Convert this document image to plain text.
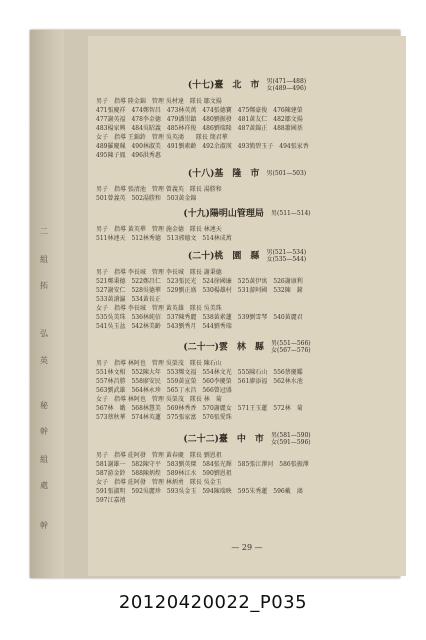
二
組
拓
弘
英
秘
幹
組
處
幹
(十七)臺　北　市 男(471—488)
女(489—496)
男子　指導 陸金錦　管理 吳材達　隊長 鄒文揚
471張慶祥　474鄭智昌　473林英萬　474張德寶　475鄭豪俊　476陳建榮
477謝英福　478李金德　479潘崇鎮　480劉振發　481黃友仁　482鄒文揚
483楊家興　484吳昭義　485林祥俊　486劉瑞隆　487黃錦正　488蕭國基
女子　指導 王錦鈴　管理 吳英鴻　　隊長 簡君華
489羅慶珮　490林淑美　491劉素齡　492余淑瑛　493簡碧玉子　494張家香
495陳子鳳　496洪秀惠
(十八)基　隆　市 男(501—503)
男子　指導 張清池　管理 曾義英　隊長 湯勝和
501曾義英　502湯勝和　503黃金錦
(十九)陽明山管理局 男(511—514)
男子　指導 黃英華　管理 施金德　隊長 林連天
511林連天　512林秀德　513郭德文　514林成萬
(二十)桃　園　縣 男(521—534)
女(535—544)
男子　指導 李長城　管理 李長城　隊長 謝秉德
521鄭秉德　522鄭昌仁　523張民光　524徐國廉　525黃伊寓　526謝康利
527謝安仁　528吳德華　529劉正盛　530楊雄村　531游阿國　532陳　鐘
533黃滄瀛　534黃長正
女子　指導 李長城　管理 黃英雄　隊長 吳美珠
535吳美珠　536林純信　537陳秀麗　538黃素蓮　539劉雪琴　540黃麗君
541吳玉盆　542林美齡　543劉秀月　544劉秀瑞
(二十一)雲　林　縣 男(551—566)
女(567—576)
男子　指導 林阿也　管理 吳榮茂　隊長 陳石山
551林文相　552陳大年　553鄭文福　554林文光　555陳石山　556蔡慶鑑
557林昌勝　558廖安民　559黃宣榮　560李慶榮　561廖添福　562林水池
563劉武雄　564林永珍　565丁永昌　566曾冠盛
女子　指導 林阿也　管理 吳榮茂　隊長 林　菊
567林　娥　568林慧美　569林秀香　570謝麗女　571王玉蓮　572林　菊
573蔡秋華　574林英蓮　575張家富　576張愛珠
(二十二)臺　中　市 男(581—590)
女(591—596)
男子　指導 莊阿發　管理 黃春慶　隊長 劉恩祖
581謝雄一　582陳守平　583劉英傑　584張光輝　585張江澤河　586張振澤
587游金鈴　588陳炳煌　589林江水　590劉恩祖
女子　指導 莊阿發　管理 林炳勇　隊長 吳金玉
591張淑明　592吳麗珍　593吳金玉　594陳瑞映　595朱秀蓮　596戴　鴻
597江嘉禧
— 29 —
20120420022_P035
